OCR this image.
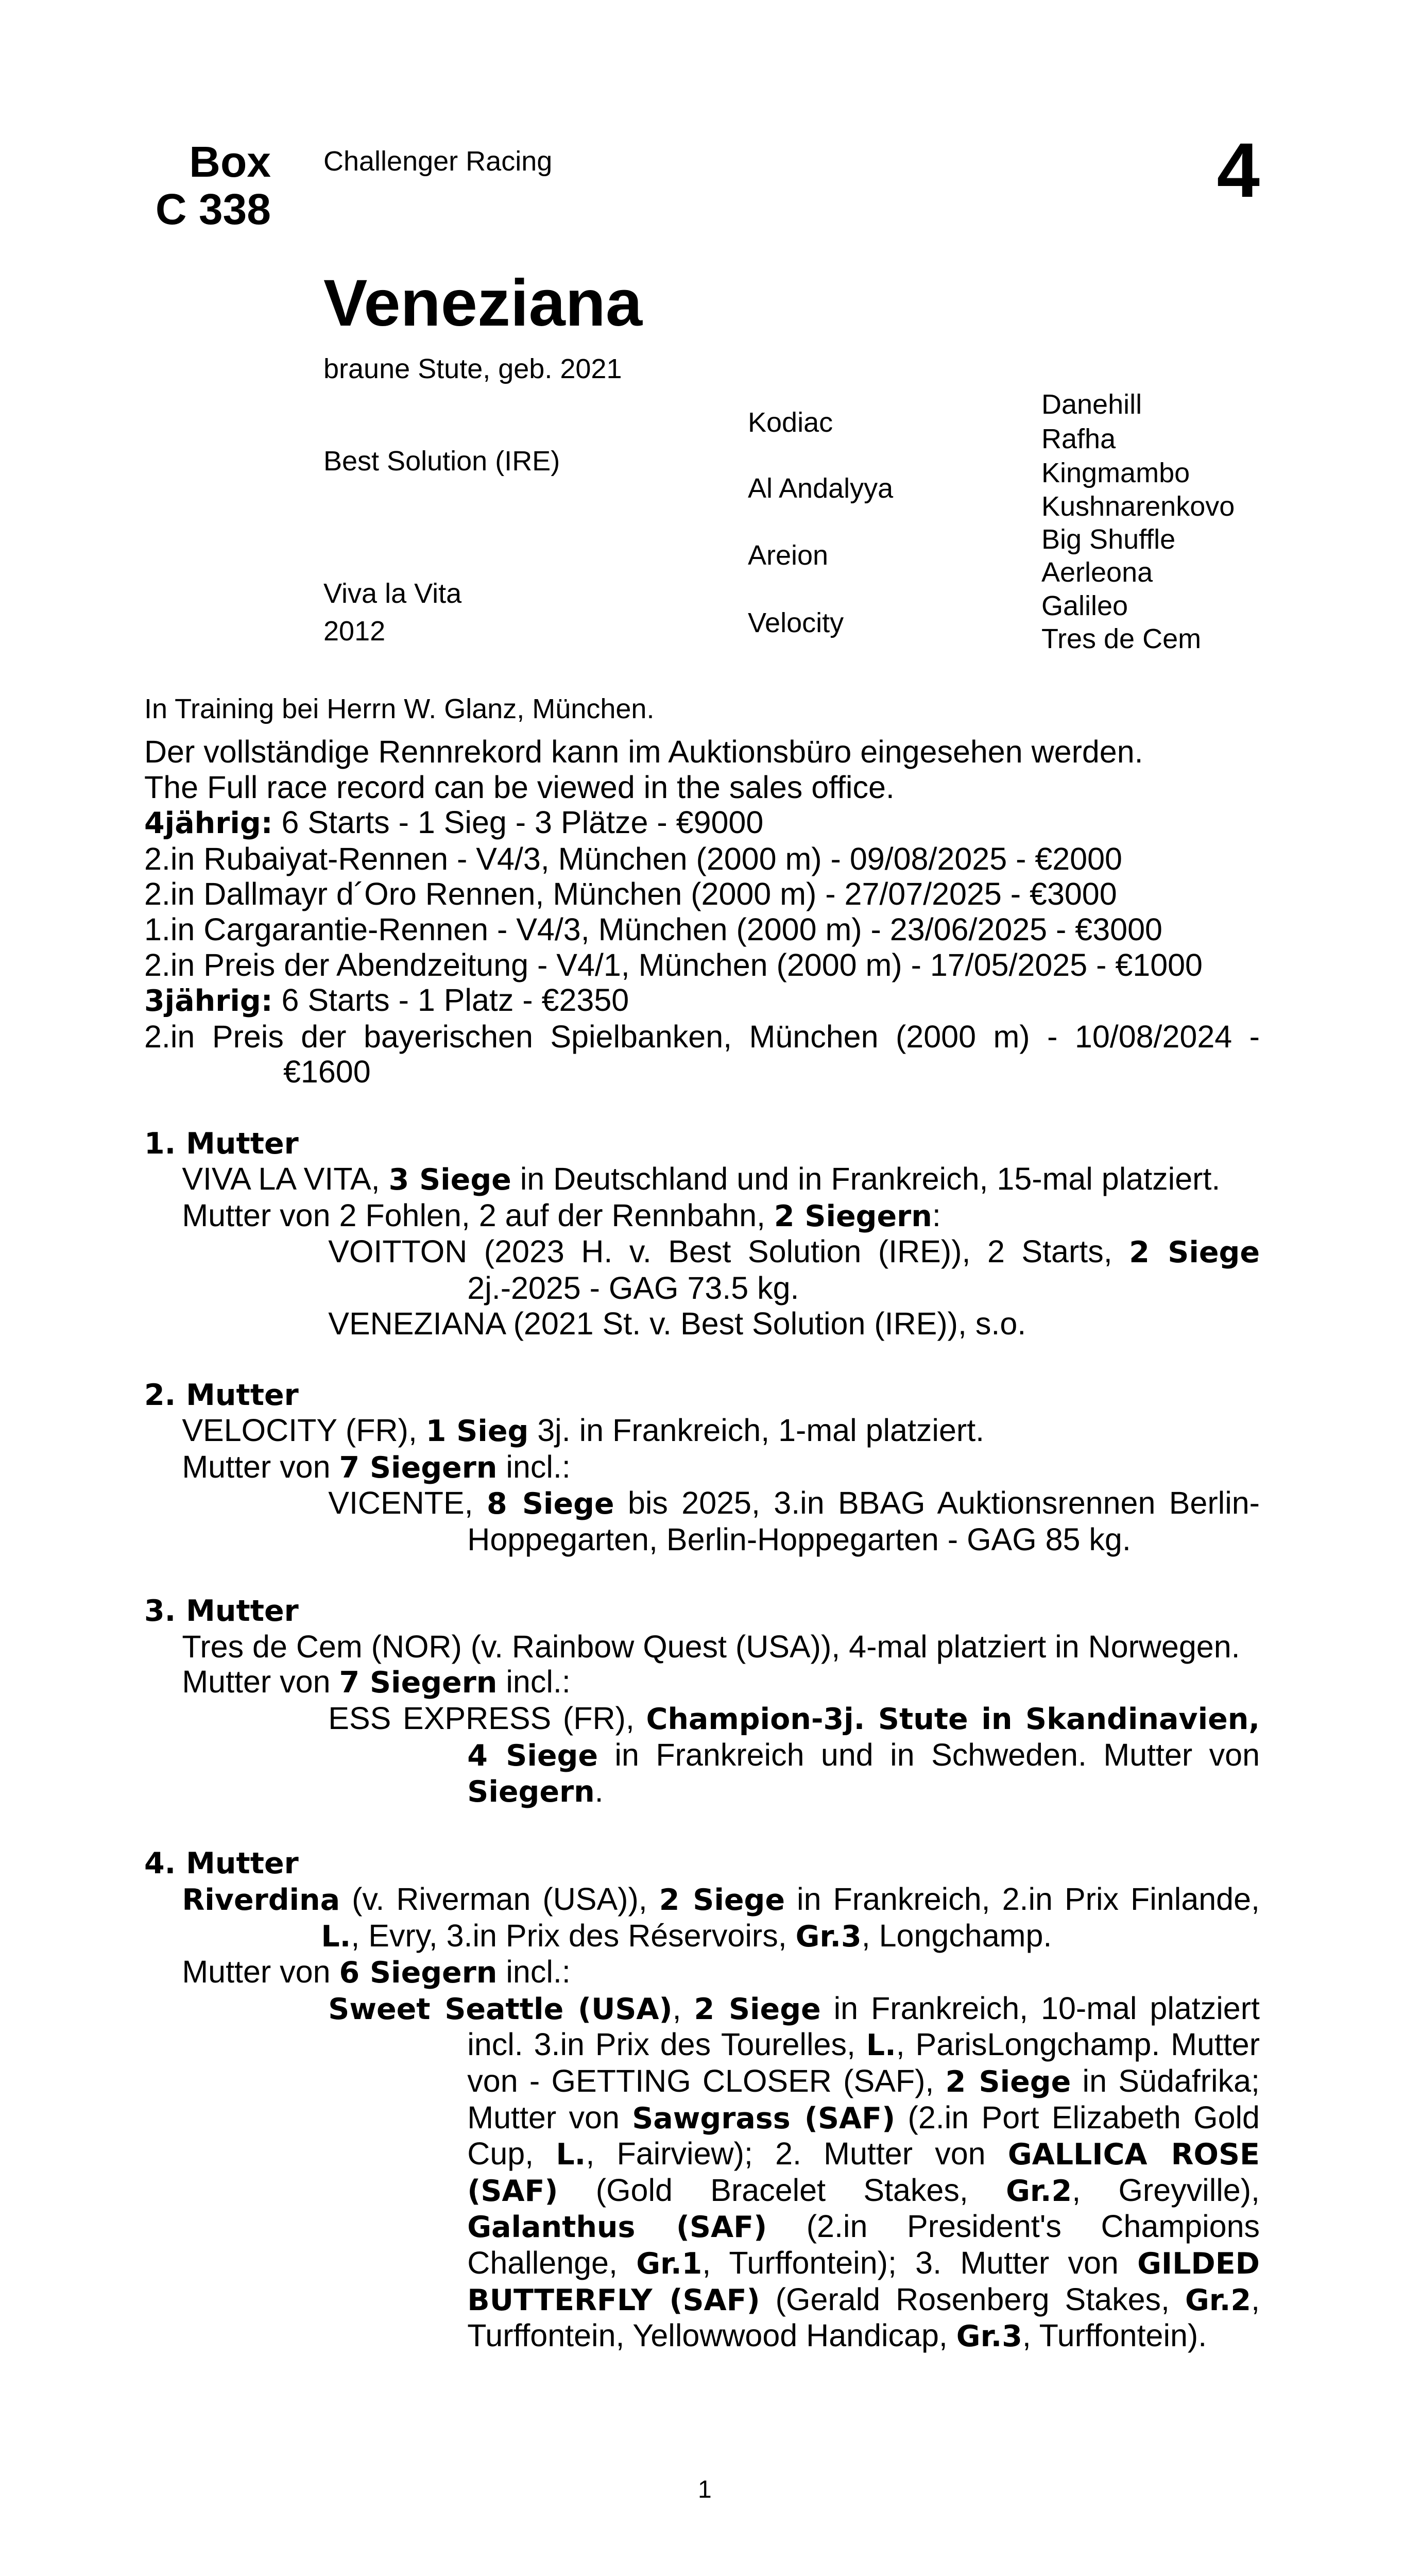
Box
C 338
Challenger Racing	4
Veneziana
braune Stute, geb. 2021
Best Solution (IRE)
Viva la Vita
2012
Kodiac
Al Andalyya
Areion
Velocity
Danehill
Rafha
Kingmambo
Kushnarenkovo
Big Shuffle
Aerleona
Galileo
Tres de Cem
In Training bei Herrn W. Glanz, München.

Der vollständige Rennrekord kann im Auktionsbüro eingesehen werden.

The Full race record can be viewed in the sales office.

4jährig: 6 Starts - 1 Sieg - 3 Plätze - €9000

2.in Rubaiyat-Rennen - V4/3, München (2000 m) - 09/08/2025 - €2000

2.in Dallmayr d´Oro Rennen, München (2000 m) - 27/07/2025 - €3000

1.in Cargarantie-Rennen - V4/3, München (2000 m) - 23/06/2025 - €3000

2.in Preis der Abendzeitung - V4/1, München (2000 m) - 17/05/2025 - €1000

3jährig: 6 Starts - 1 Platz - €2350

2.in Preis der bayerischen Spielbanken, München (2000 m) - 10/08/2024 - €1600

1. Mutter

VIVA LA VITA, 3 Siege in Deutschland und in Frankreich, 15-mal platziert.

Mutter von 2 Fohlen, 2 auf der Rennbahn, 2 Siegern:

VOITTON (2023 H. v. Best Solution (IRE)), 2 Starts, 2 Siege 2j.-2025 - GAG 73.5 kg.

VENEZIANA (2021 St. v. Best Solution (IRE)), s.o.

2. Mutter

VELOCITY (FR), 1 Sieg 3j. in Frankreich, 1-mal platziert.

Mutter von 7 Siegern incl.:

VICENTE, 8 Siege bis 2025, 3.in BBAG Auktionsrennen Berlin-Hoppegarten, Berlin-Hoppegarten - GAG 85 kg.

3. Mutter

Tres de Cem (NOR) (v. Rainbow Quest (USA)), 4-mal platziert in Norwegen.

Mutter von 7 Siegern incl.:

ESS EXPRESS (FR), Champion-3j. Stute in Skandinavien, 4 Siege in Frankreich und in Schweden. Mutter von Siegern.

4. Mutter

Riverdina (v. Riverman (USA)), 2 Siege in Frankreich, 2.in Prix Finlande, L., Evry, 3.in Prix des Réservoirs, Gr.3, Longchamp.

Mutter von 6 Siegern incl.:

Sweet Seattle (USA), 2 Siege in Frankreich, 10-mal platziert incl. 3.in Prix des Tourelles, L., ParisLongchamp. Mutter von - GETTING CLOSER (SAF), 2 Siege in Südafrika; Mutter von Sawgrass (SAF) (2.in Port Elizabeth Gold Cup, L., Fairview); 2. Mutter von GALLICA ROSE (SAF) (Gold Bracelet Stakes, Gr.2, Greyville), Galanthus (SAF) (2.in President's Champions Challenge, Gr.1, Turffontein); 3. Mutter von GILDED BUTTERFLY (SAF) (Gerald Rosenberg Stakes, Gr.2, Turffontein, Yellowwood Handicap, Gr.3, Turffontein).

1
